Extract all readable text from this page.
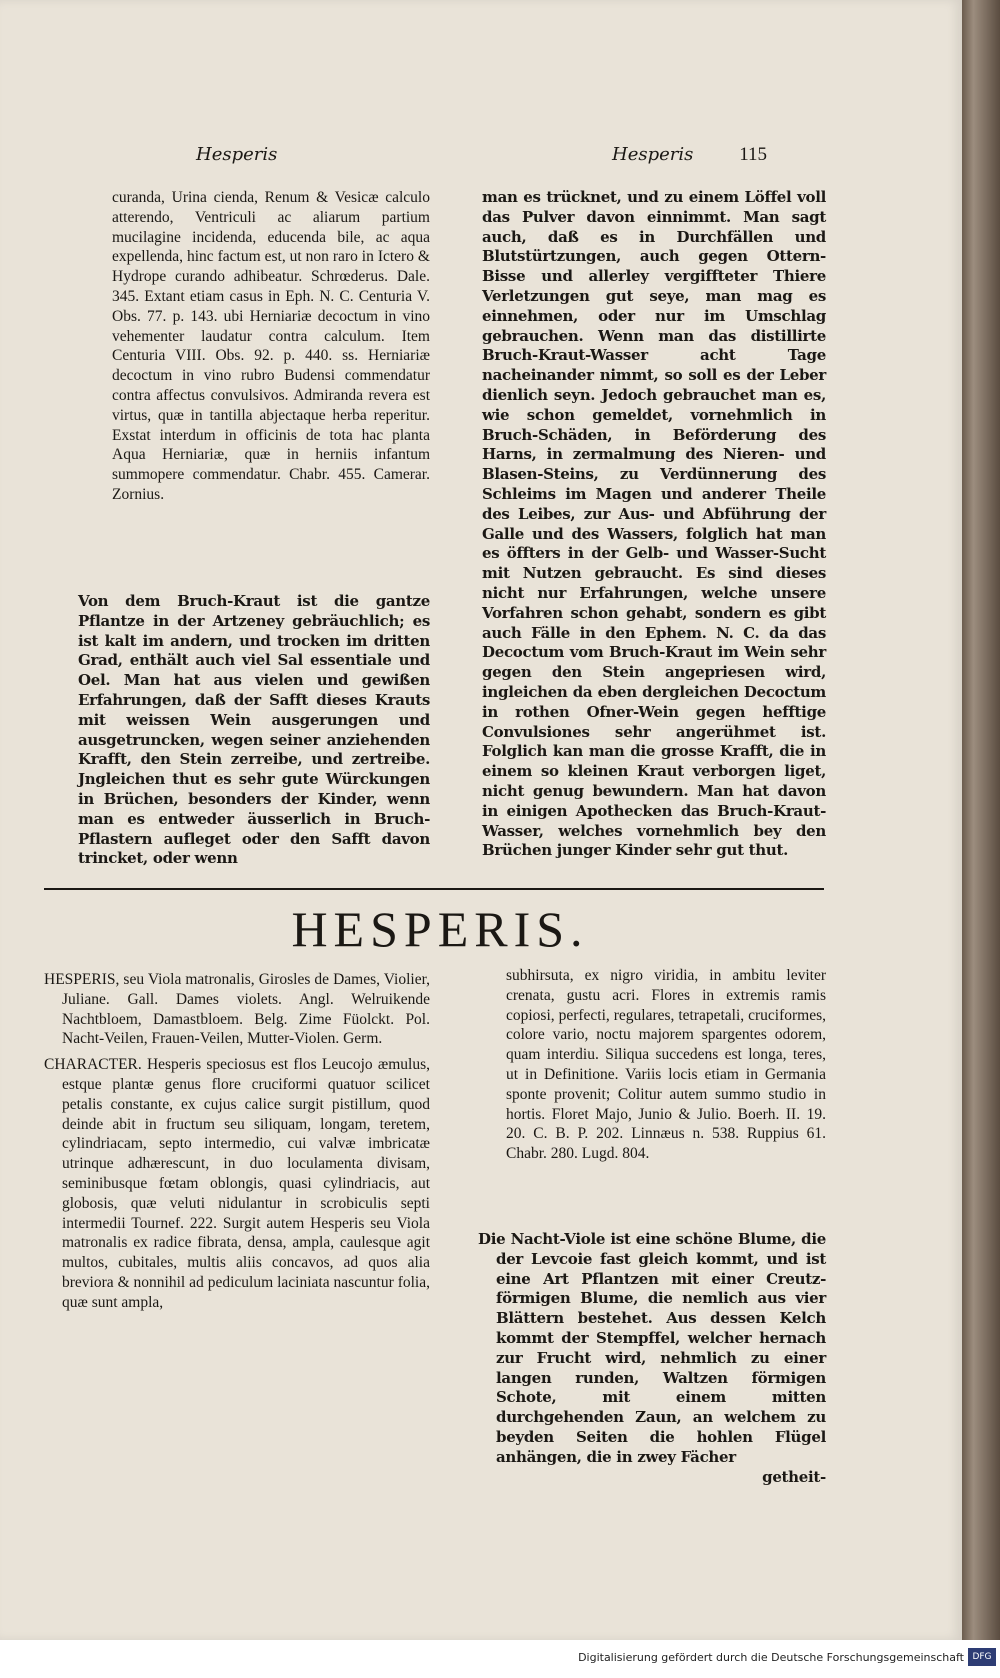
Hesperis	Hesperis 115

curanda, Urina cienda, Renum & Vesicæ calculo atterendo, Ventriculi ac aliarum partium mucilagine incidenda, educenda bile, ac aqua expellenda, hinc factum est, ut non raro in Ictero & Hydrope curando adhibeatur. Schrœderus. Dale. 345. Extant etiam casus in Eph. N. C. Centuria V. Obs. 77. p. 143. ubi Herniariæ decoctum in vino vehementer laudatur contra calculum. Item Centuria VIII. Obs. 92. p. 440. ss. Herniariæ decoctum in vino rubro Budensi commendatur contra affectus convulsivos. Admiranda revera est virtus, quæ in tantilla abjectaque herba reperitur. Exstat interdum in officinis de tota hac planta Aqua Herniariæ, quæ in herniis infantum summopere commendatur. Chabr. 455. Camerar. Zornius.

Von dem Bruch-Kraut ist die gantze Pflantze in der Artzeney gebräuchlich; es ist kalt im andern, und trocken im dritten Grad, enthält auch viel Sal essentiale und Oel. Man hat aus vielen und gewißen Erfahrungen, daß der Safft dieses Krauts mit weissen Wein ausgerungen und ausgetruncken, wegen seiner anziehenden Krafft, den Stein zerreibe, und zertreibe. Jngleichen thut es sehr gute Würckungen in Brüchen, besonders der Kinder, wenn man es entweder äusserlich in Bruch-Pflastern aufleget oder den Safft davon trincket, oder wenn

man es trücknet, und zu einem Löffel voll das Pulver davon einnimmt. Man sagt auch, daß es in Durchfällen und Blutstürtzungen, auch gegen Ottern-Bisse und allerley vergiffteter Thiere Verletzungen gut seye, man mag es einnehmen, oder nur im Umschlag gebrauchen. Wenn man das distillirte Bruch-Kraut-Wasser acht Tage nacheinander nimmt, so soll es der Leber dienlich seyn. Jedoch gebrauchet man es, wie schon gemeldet, vornehmlich in Bruch-Schäden, in Beförderung des Harns, in zermalmung des Nieren- und Blasen-Steins, zu Verdünnerung des Schleims im Magen und anderer Theile des Leibes, zur Aus- und Abführung der Galle und des Wassers, folglich hat man es öffters in der Gelb- und Wasser-Sucht mit Nutzen gebraucht. Es sind dieses nicht nur Erfahrungen, welche unsere Vorfahren schon gehabt, sondern es gibt auch Fälle in den Ephem. N. C. da das Decoctum vom Bruch-Kraut im Wein sehr gegen den Stein angepriesen wird, ingleichen da eben dergleichen Decoctum in rothen Ofner-Wein gegen hefftige Convulsiones sehr angerühmet ist. Folglich kan man die grosse Krafft, die in einem so kleinen Kraut verborgen liget, nicht genug bewundern. Man hat davon in einigen Apothecken das Bruch-Kraut-Wasser, welches vornehmlich bey den Brüchen junger Kinder sehr gut thut.

HESPERIS.

HESPERIS, seu Viola matronalis, Girosles de Dames, Violier, Juliane. Gall. Dames violets. Angl. Welruikende Nachtbloem, Damastbloem. Belg. Zime Füolckt. Pol. Nacht-Veilen, Frauen-Veilen, Mutter-Violen. Germ.

CHARACTER. Hesperis speciosus est flos Leucojo æmulus, estque plantæ genus flore cruciformi quatuor scilicet petalis constante, ex cujus calice surgit pistillum, quod deinde abit in fructum seu siliquam, longam, teretem, cylindriacam, septo intermedio, cui valvæ imbricatæ utrinque adhærescunt, in duo loculamenta divisam, seminibusque fœtam oblongis, quasi cylindriacis, aut globosis, quæ veluti nidulantur in scrobiculis septi intermedii Tournef. 222. Surgit autem Hesperis seu Viola matronalis ex radice fibrata, densa, ampla, caulesque agit multos, cubitales, multis aliis concavos, ad quos alia breviora & nonnihil ad pediculum laciniata nascuntur folia, quæ sunt ampla,

subhirsuta, ex nigro viridia, in ambitu leviter crenata, gustu acri. Flores in extremis ramis copiosi, perfecti, regulares, tetrapetali, cruciformes, colore vario, noctu majorem spargentes odorem, quam interdiu. Siliqua succedens est longa, teres, ut in Definitione. Variis locis etiam in Germania sponte provenit; Colitur autem summo studio in hortis. Floret Majo, Junio & Julio. Boerh. II. 19. 20. C. B. P. 202. Linnæus n. 538. Ruppius 61. Chabr. 280. Lugd. 804.

Die Nacht-Viole ist eine schöne Blume, die der Levcoie fast gleich kommt, und ist eine Art Pflantzen mit einer Creutz-förmigen Blume, die nemlich aus vier Blättern bestehet. Aus dessen Kelch kommt der Stempffel, welcher hernach zur Frucht wird, nehmlich zu einer langen runden, Waltzen förmigen Schote, mit einem mitten durchgehenden Zaun, an welchem zu beyden Seiten die hohlen Flügel anhängen, die in zwey Fächer

getheit-

Digitalisierung gefördert durch die Deutsche Forschungsgemeinschaft DFG
